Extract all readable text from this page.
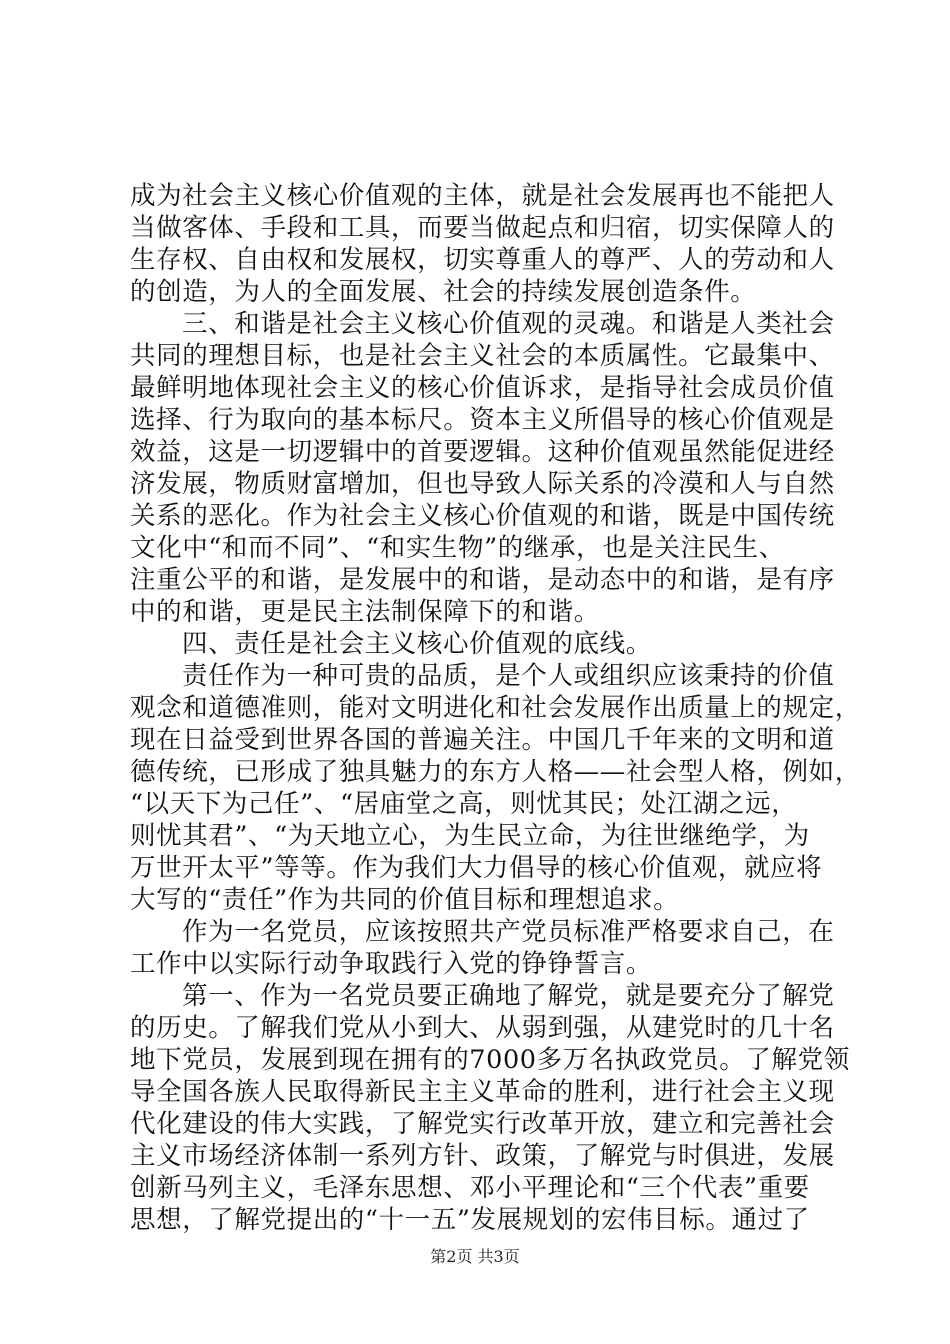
成为社会主义核心价值观的主体，就是社会发展再也不能把人
当做客体、手段和工具，而要当做起点和归宿，切实保障人的
生存权、自由权和发展权，切实尊重人的尊严、人的劳动和人
的创造，为人的全面发展、社会的持续发展创造条件。
三、和谐是社会主义核心价值观的灵魂。和谐是人类社会
共同的理想目标，也是社会主义社会的本质属性。它最集中、
最鲜明地体现社会主义的核心价值诉求，是指导社会成员价值
选择、行为取向的基本标尺。资本主义所倡导的核心价值观是
效益，这是一切逻辑中的首要逻辑。这种价值观虽然能促进经
济发展，物质财富增加，但也导致人际关系的冷漠和人与自然
关系的恶化。作为社会主义核心价值观的和谐，既是中国传统
文化中“和而不同”、“和实生物”的继承，也是关注民生、
注重公平的和谐，是发展中的和谐，是动态中的和谐，是有序
中的和谐，更是民主法制保障下的和谐。
四、责任是社会主义核心价值观的底线。
责任作为一种可贵的品质，是个人或组织应该秉持的价值
观念和道德准则，能对文明进化和社会发展作出质量上的规定，
现在日益受到世界各国的普遍关注。中国几千年来的文明和道
德传统，已形成了独具魅力的东方人格——社会型人格，例如，
“以天下为己任”、“居庙堂之高，则忧其民；处江湖之远，
则忧其君”、“为天地立心，为生民立命，为往世继绝学，为
万世开太平”等等。作为我们大力倡导的核心价值观，就应将
大写的“责任”作为共同的价值目标和理想追求。
作为一名党员，应该按照共产党员标准严格要求自己，在
工作中以实际行动争取践行入党的铮铮誓言。
第一、作为一名党员要正确地了解党，就是要充分了解党
的历史。了解我们党从小到大、从弱到强，从建党时的几十名
地下党员，发展到现在拥有的7000多万名执政党员。了解党领
导全国各族人民取得新民主主义革命的胜利，进行社会主义现
代化建设的伟大实践，了解党实行改革开放，建立和完善社会
主义市场经济体制一系列方针、政策，了解党与时俱进，发展
创新马列主义，毛泽东思想、邓小平理论和“三个代表”重要
思想，了解党提出的“十一五”发展规划的宏伟目标。通过了
第2页 共3页
